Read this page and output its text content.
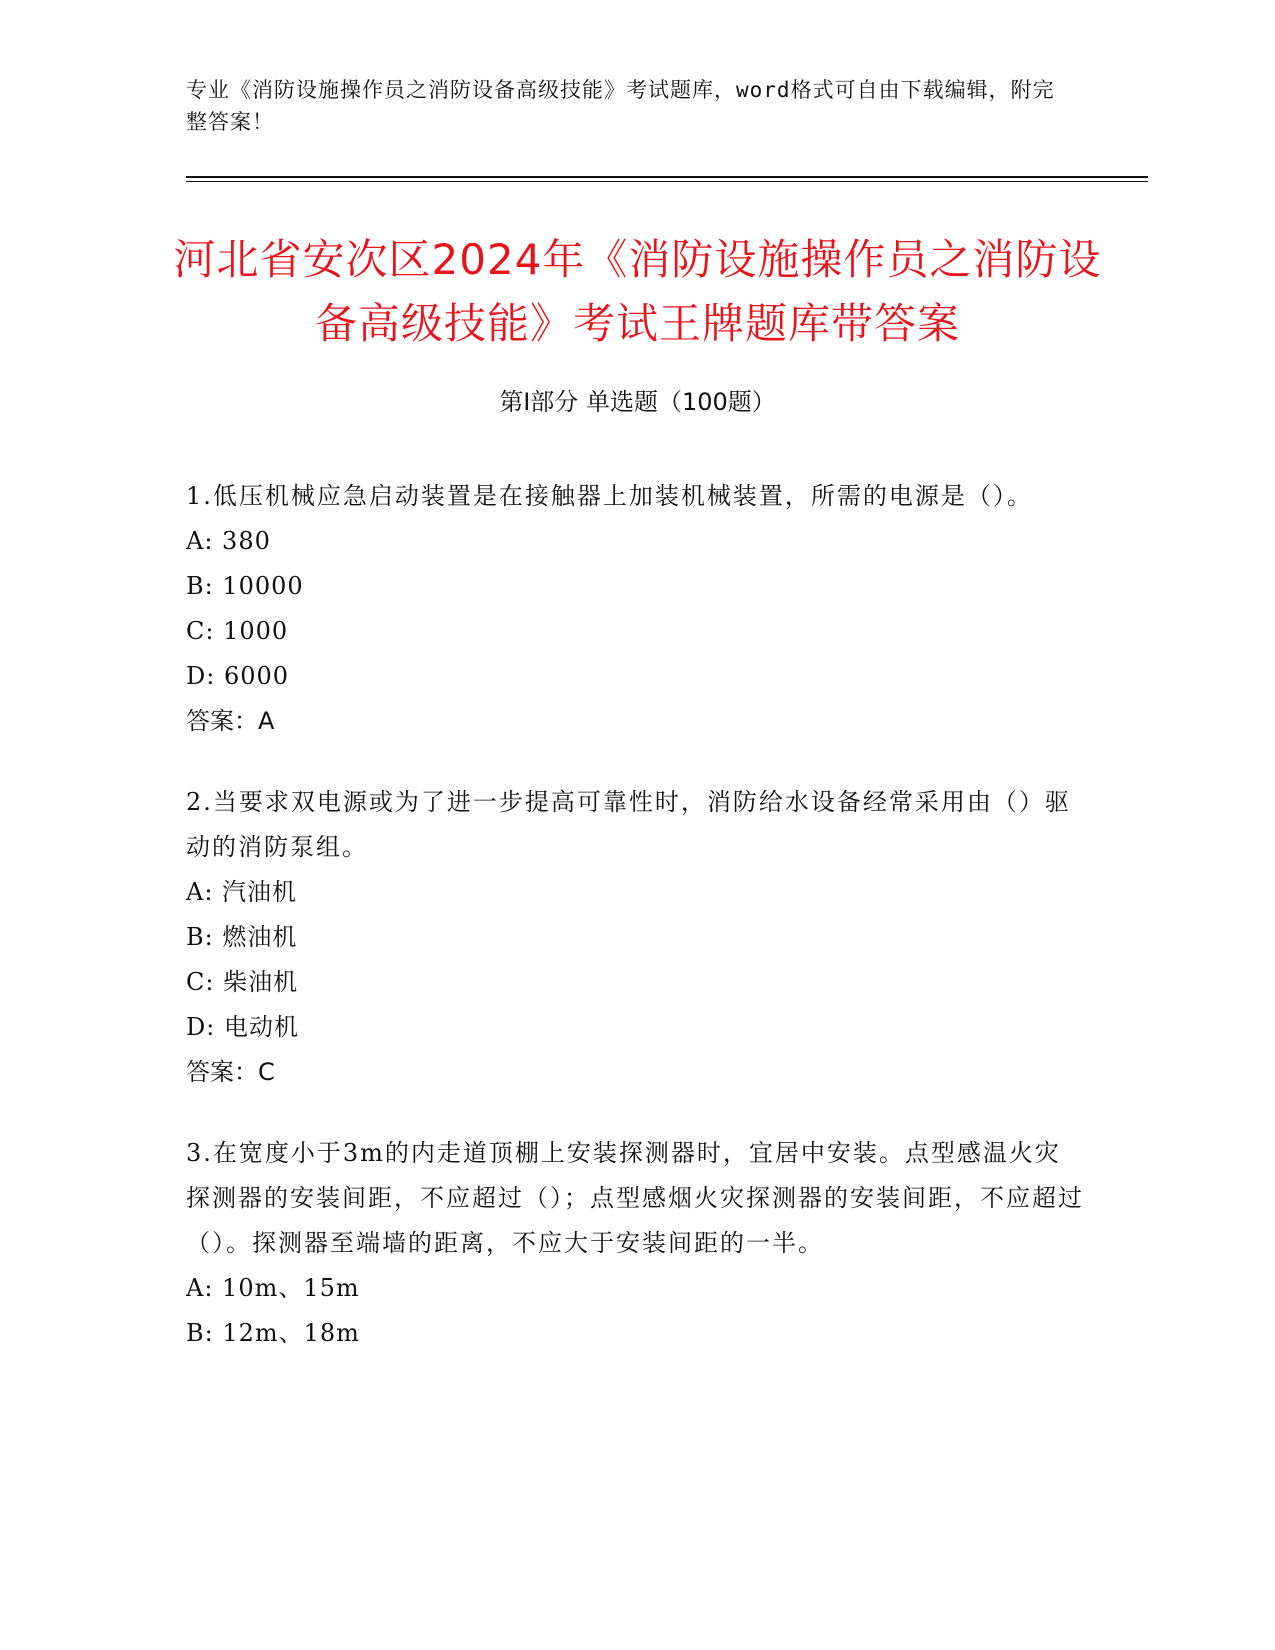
专业《消防设施操作员之消防设备高级技能》考试题库，word格式可自由下载编辑，附完整答案！
河北省安次区2024年《消防设施操作员之消防设备高级技能》考试王牌题库带答案
第Ⅰ部分 单选题（100题）
1.低压机械应急启动装置是在接触器上加装机械装置，所需的电源是（）。
A: 380
B: 10000
C: 1000
D: 6000
答案：A
2.当要求双电源或为了进一步提高可靠性时，消防给水设备经常采用由（）驱动的消防泵组。
A: 汽油机
B: 燃油机
C: 柴油机
D: 电动机
答案：C
3.在宽度小于3m的内走道顶棚上安装探测器时，宜居中安装。点型感温火灾探测器的安装间距，不应超过（）；点型感烟火灾探测器的安装间距，不应超过（）。探测器至端墙的距离，不应大于安装间距的一半。
A: 10m、15m
B: 12m、18m
